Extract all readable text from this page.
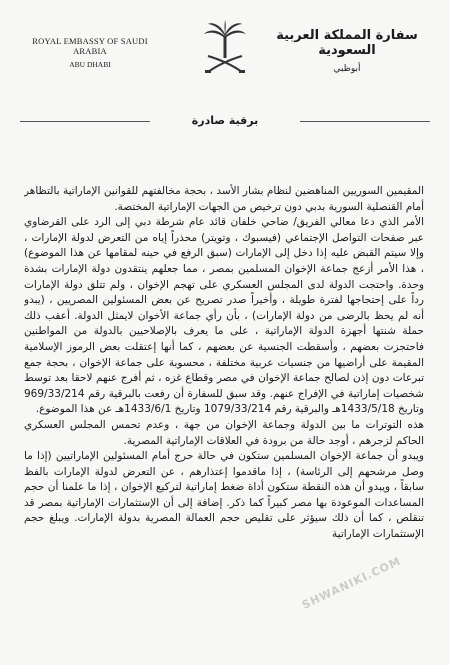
ROYAL EMBASSY OF SAUDI ARABIA
ABU DHABI
سفارة المملكة العربية السعودية
أبوظبي
برقية صادرة

المقيمين السوريين المناهضين لنظام بشار الأسد ، بحجة مخالفتهم للقوانين الإماراتية بالتظاهر أمام القنصلية السورية بدبي دون ترخيص من الجهات الإماراتية المختصة.

الأمر الذي دعا معالي الفريق/ ضاحي خلفان قائد عام شرطة دبي إلى الرد على القرضاوي عبر صفحات التواصل الإجتماعي (فيسبوك ، وتويتر) محذراً إياه من التعرض لدولة الإمارات ، وإلا سيتم القبض عليه إذا دخل إلى الإمارات (سبق الرفع في حينه لمقامها عن هذا الموضوع) ، هذا الأمر أزعج جماعة الإخوان المسلمين بمصر ، مما جعلهم ينتقدون دولة الإمارات بشدة وحدة. واحتجت الدولة لدى المجلس العسكري على تهجم الإخوان ، ولم تتلق دولة الإمارات رداً على إحتجاجها لفترة طويلة ، وأخيراً صدر تصريح عن بعض المسئولين المصريين ، (يبدو أنه لم يحظ بالرضى من دولة الإمارات) ، بأن رأي جماعة الأخوان لايمثل الدولة. أعقب ذلك حملة شنتها أجهزة الدولة الإماراتية ، على ما يعرف بالإصلاحيين بالدولة من المواطنين فاحتجزت بعضهم ، وأسقطت الجنسية عن بعضهم ، كما أنها إعتقلت بعض الرموز الإسلامية المقيمة على أراضيها من جنسيات عربية مختلفة ، محسوبة على جماعة الإخوان ، بحجة جمع تبرعات دون إذن لصالح جماعة الإخوان في مصر وقطاع غزه ، ثم أفرج عنهم لاحقا بعد توسط شخصيات إماراتية في الإفراج عنهم. وقد سبق للسفارة أن رفعت بالبرقية رقم 969/33/214 وتاريخ 1433/5/18هـ والبرقية رقم 1079/33/214 وتاريخ 1433/6/1هـ عن هذا الموضوع.

هذه التوترات ما بين الدولة وجماعة الإخوان من جهة ، وعدم تحمس المجلس العسكري الحاكم لزجرهم ، أوجد حالة من برودة في العلاقات الإماراتية المصرية.

ويبدو أن جماعة الإخوان المسلمين ستكون في حالة حرج أمام المسئولين الإماراتيين (إذا ما وصل مرشحهم إلى الرئاسة) ، إذا ماقدموا إعتذارهم ، عن التعرض لدولة الإمارات بالفظ سابقاً ، ويبدو أن هذه النقطة ستكون أداة ضغط إماراتية لتركيع الإخوان ، إذا ما علمنا أن حجم المساعدات الموعودة بها مصر كبيراً كما ذكر. إضافة إلى أن الإستثمارات الإماراتية بمصر قد تنقلص ، كما أن ذلك سيؤثر على تقليص حجم العمالة المصرية بدولة الإمارات. ويبلغ حجم الإستثمارات الإماراتية

SHWANIKI.COM
